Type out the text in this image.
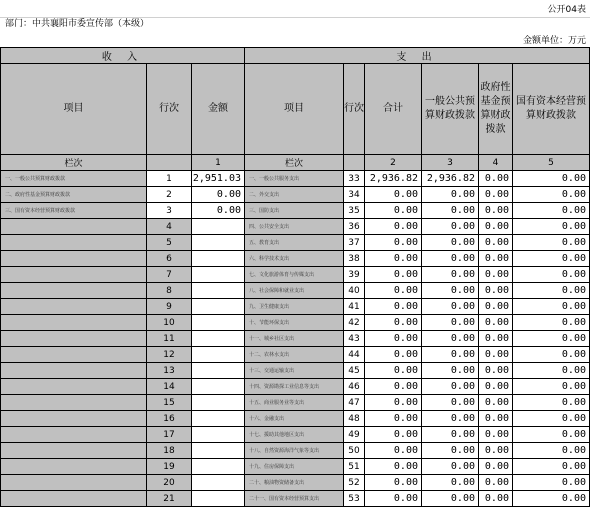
公开04表
部门：中共襄阳市委宣传部（本级）
金额单位：万元
收 入			支 出					
项目	行次	金额	项目	行次	合计	一般公共预算财政拨款	政府性基金预算财政拨款	国有资本经营预算财政拨款
栏次		1	栏次		2	3	4	5
一、一般公共预算财政拨款	1	2,951.03	一、一般公共服务支出	33	2,936.82	2,936.82	0.00	0.00
二、政府性基金预算财政拨款	2	0.00	二、外交支出	34	0.00	0.00	0.00	0.00
三、国有资本经营预算财政拨款	3	0.00	三、国防支出	35	0.00	0.00	0.00	0.00
	4		四、公共安全支出	36	0.00	0.00	0.00	0.00
	5		五、教育支出	37	0.00	0.00	0.00	0.00
	6		六、科学技术支出	38	0.00	0.00	0.00	0.00
	7		七、文化旅游体育与传媒支出	39	0.00	0.00	0.00	0.00
	8		八、社会保障和就业支出	40	0.00	0.00	0.00	0.00
	9		九、卫生健康支出	41	0.00	0.00	0.00	0.00
	10		十、节能环保支出	42	0.00	0.00	0.00	0.00
	11		十一、城乡社区支出	43	0.00	0.00	0.00	0.00
	12		十二、农林水支出	44	0.00	0.00	0.00	0.00
	13		十三、交通运输支出	45	0.00	0.00	0.00	0.00
	14		十四、资源勘探工业信息等支出	46	0.00	0.00	0.00	0.00
	15		十五、商业服务业等支出	47	0.00	0.00	0.00	0.00
	16		十六、金融支出	48	0.00	0.00	0.00	0.00
	17		十七、援助其他地区支出	49	0.00	0.00	0.00	0.00
	18		十八、自然资源海洋气象等支出	50	0.00	0.00	0.00	0.00
	19		十九、住房保障支出	51	0.00	0.00	0.00	0.00
	20		二十、粮油物资储备支出	52	0.00	0.00	0.00	0.00
	21		二十一、国有资本经营预算支出	53	0.00	0.00	0.00	0.00
